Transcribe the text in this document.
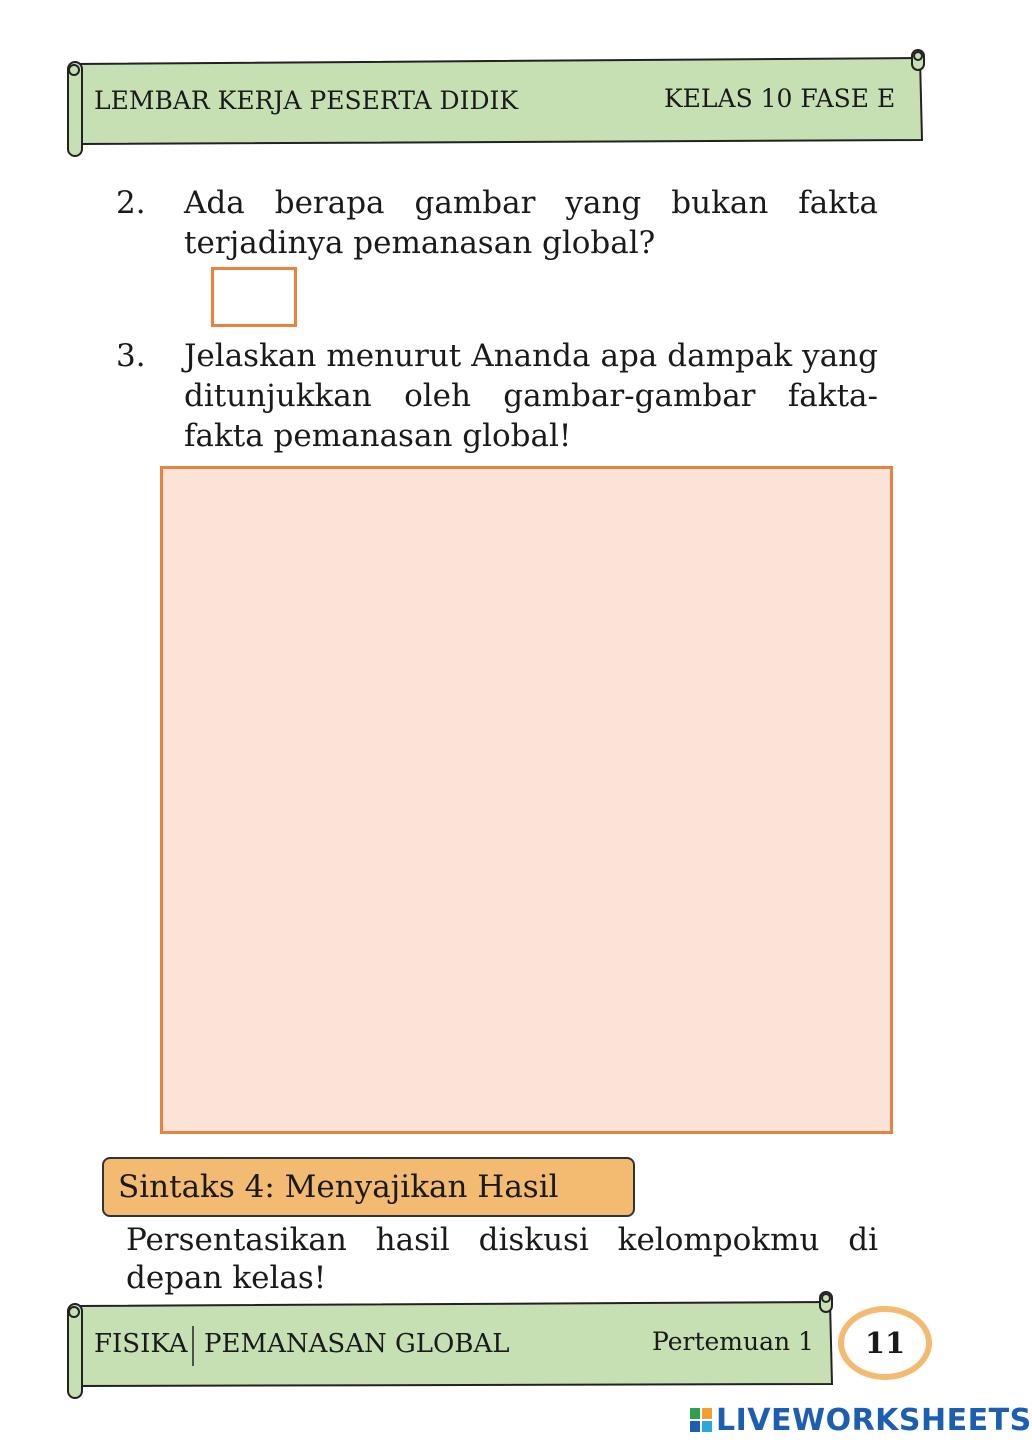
LEMBAR KERJA PESERTA DIDIK	KELAS 10 FASE E
2. Ada berapa gambar yang bukan fakta terjadinya pemanasan global?
3. Jelaskan menurut Ananda apa dampak yang ditunjukkan oleh gambar-gambar fakta-fakta pemanasan global!
Sintaks 4: Menyajikan Hasil
Persentasikan hasil diskusi kelompokmu di depan kelas!
FISIKA PEMANASAN GLOBAL	Pertemuan 1 11
LIVEWORKSHEETS
